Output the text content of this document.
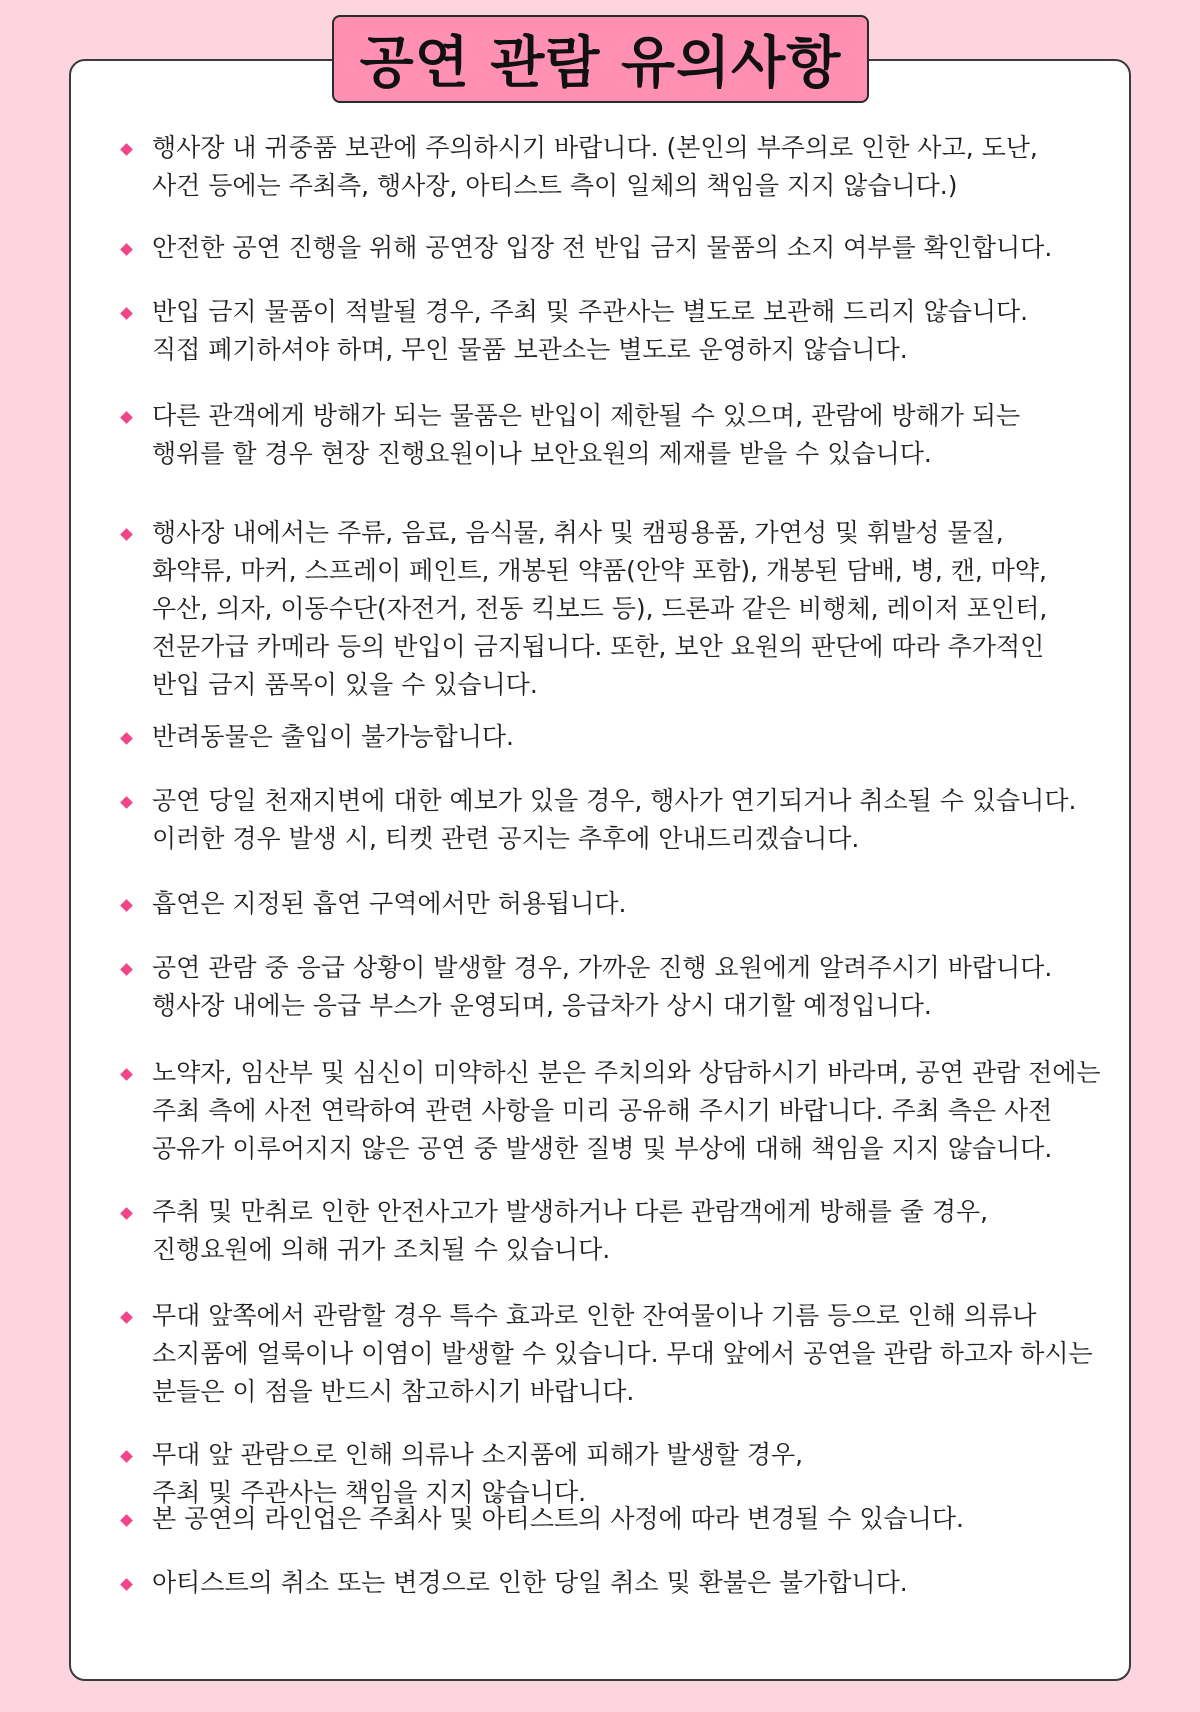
공연 관람 유의사항
행사장 내 귀중품 보관에 주의하시기 바랍니다. (본인의 부주의로 인한 사고, 도난,
사건 등에는 주최측, 행사장, 아티스트 측이 일체의 책임을 지지 않습니다.)
안전한 공연 진행을 위해 공연장 입장 전 반입 금지 물품의 소지 여부를 확인합니다.
반입 금지 물품이 적발될 경우, 주최 및 주관사는 별도로 보관해 드리지 않습니다.
직접 폐기하셔야 하며, 무인 물품 보관소는 별도로 운영하지 않습니다.
다른 관객에게 방해가 되는 물품은 반입이 제한될 수 있으며, 관람에 방해가 되는
행위를 할 경우 현장 진행요원이나 보안요원의 제재를 받을 수 있습니다.
행사장 내에서는 주류, 음료, 음식물, 취사 및 캠핑용품, 가연성 및 휘발성 물질,
화약류, 마커, 스프레이 페인트, 개봉된 약품(안약 포함), 개봉된 담배, 병, 캔, 마약,
우산, 의자, 이동수단(자전거, 전동 킥보드 등), 드론과 같은 비행체, 레이저 포인터,
전문가급 카메라 등의 반입이 금지됩니다. 또한, 보안 요원의 판단에 따라 추가적인
반입 금지 품목이 있을 수 있습니다.
반려동물은 출입이 불가능합니다.
공연 당일 천재지변에 대한 예보가 있을 경우, 행사가 연기되거나 취소될 수 있습니다.
이러한 경우 발생 시, 티켓 관련 공지는 추후에 안내드리겠습니다.
흡연은 지정된 흡연 구역에서만 허용됩니다.
공연 관람 중 응급 상황이 발생할 경우, 가까운 진행 요원에게 알려주시기 바랍니다.
행사장 내에는 응급 부스가 운영되며, 응급차가 상시 대기할 예정입니다.
노약자, 임산부 및 심신이 미약하신 분은 주치의와 상담하시기 바라며, 공연 관람 전에는
주최 측에 사전 연락하여 관련 사항을 미리 공유해 주시기 바랍니다. 주최 측은 사전
공유가 이루어지지 않은 공연 중 발생한 질병 및 부상에 대해 책임을 지지 않습니다.
주취 및 만취로 인한 안전사고가 발생하거나 다른 관람객에게 방해를 줄 경우,
진행요원에 의해 귀가 조치될 수 있습니다.
무대 앞쪽에서 관람할 경우 특수 효과로 인한 잔여물이나 기름 등으로 인해 의류나
소지품에 얼룩이나 이염이 발생할 수 있습니다. 무대 앞에서 공연을 관람 하고자 하시는
분들은 이 점을 반드시 참고하시기 바랍니다.
무대 앞 관람으로 인해 의류나 소지품에 피해가 발생할 경우,
주최 및 주관사는 책임을 지지 않습니다.
본 공연의 라인업은 주최사 및 아티스트의 사정에 따라 변경될 수 있습니다.
아티스트의 취소 또는 변경으로 인한 당일 취소 및 환불은 불가합니다.
